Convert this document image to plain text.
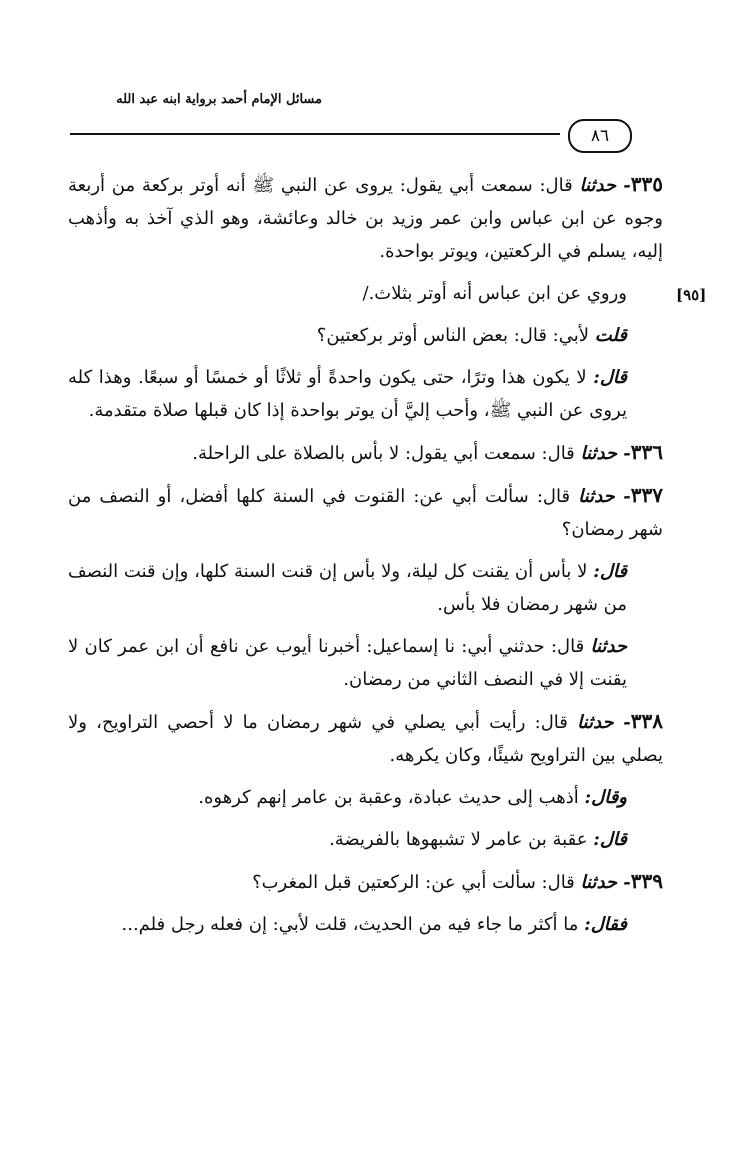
مسائل الإمام أحمد برواية ابنه عبد الله
٨٦
[٩٥]

٣٣٥- حدثنا قال: سمعت أبي يقول: يروى عن النبي ﷺ أنه أوتر بركعة من أربعة وجوه عن ابن عباس وابن عمر وزيد بن خالد وعائشة، وهو الذي آخذ به وأذهب إليه، يسلم في الركعتين، ويوتر بواحدة.

وروي عن ابن عباس أنه أوتر بثلاث./

قلت لأبي: قال: بعض الناس أوتر بركعتين؟

قال: لا يكون هذا وترًا، حتى يكون واحدةً أو ثلاثًا أو خمسًا أو سبعًا. وهذا كله يروى عن النبي ﷺ، وأحب إليَّ أن يوتر بواحدة إذا كان قبلها صلاة متقدمة.

٣٣٦- حدثنا قال: سمعت أبي يقول: لا بأس بالصلاة على الراحلة.

٣٣٧- حدثنا قال: سألت أبي عن: القنوت في السنة كلها أفضل، أو النصف من شهر رمضان؟

قال: لا بأس أن يقنت كل ليلة، ولا بأس إن قنت السنة كلها، وإن قنت النصف من شهر رمضان فلا بأس.

حدثنا قال: حدثني أبي: نا إسماعيل: أخبرنا أيوب عن نافع أن ابن عمر كان لا يقنت إلا في النصف الثاني من رمضان.

٣٣٨- حدثنا قال: رأيت أبي يصلي في شهر رمضان ما لا أحصي التراويح، ولا يصلي بين التراويح شيئًا، وكان يكرهه.

وقال: أذهب إلى حديث عبادة، وعقبة بن عامر إنهم كرهوه.

قال: عقبة بن عامر لا تشبهوها بالفريضة.

٣٣٩- حدثنا قال: سألت أبي عن: الركعتين قبل المغرب؟

فقال: ما أكثر ما جاء فيه من الحديث، قلت لأبي: إن فعله رجل فلم...
